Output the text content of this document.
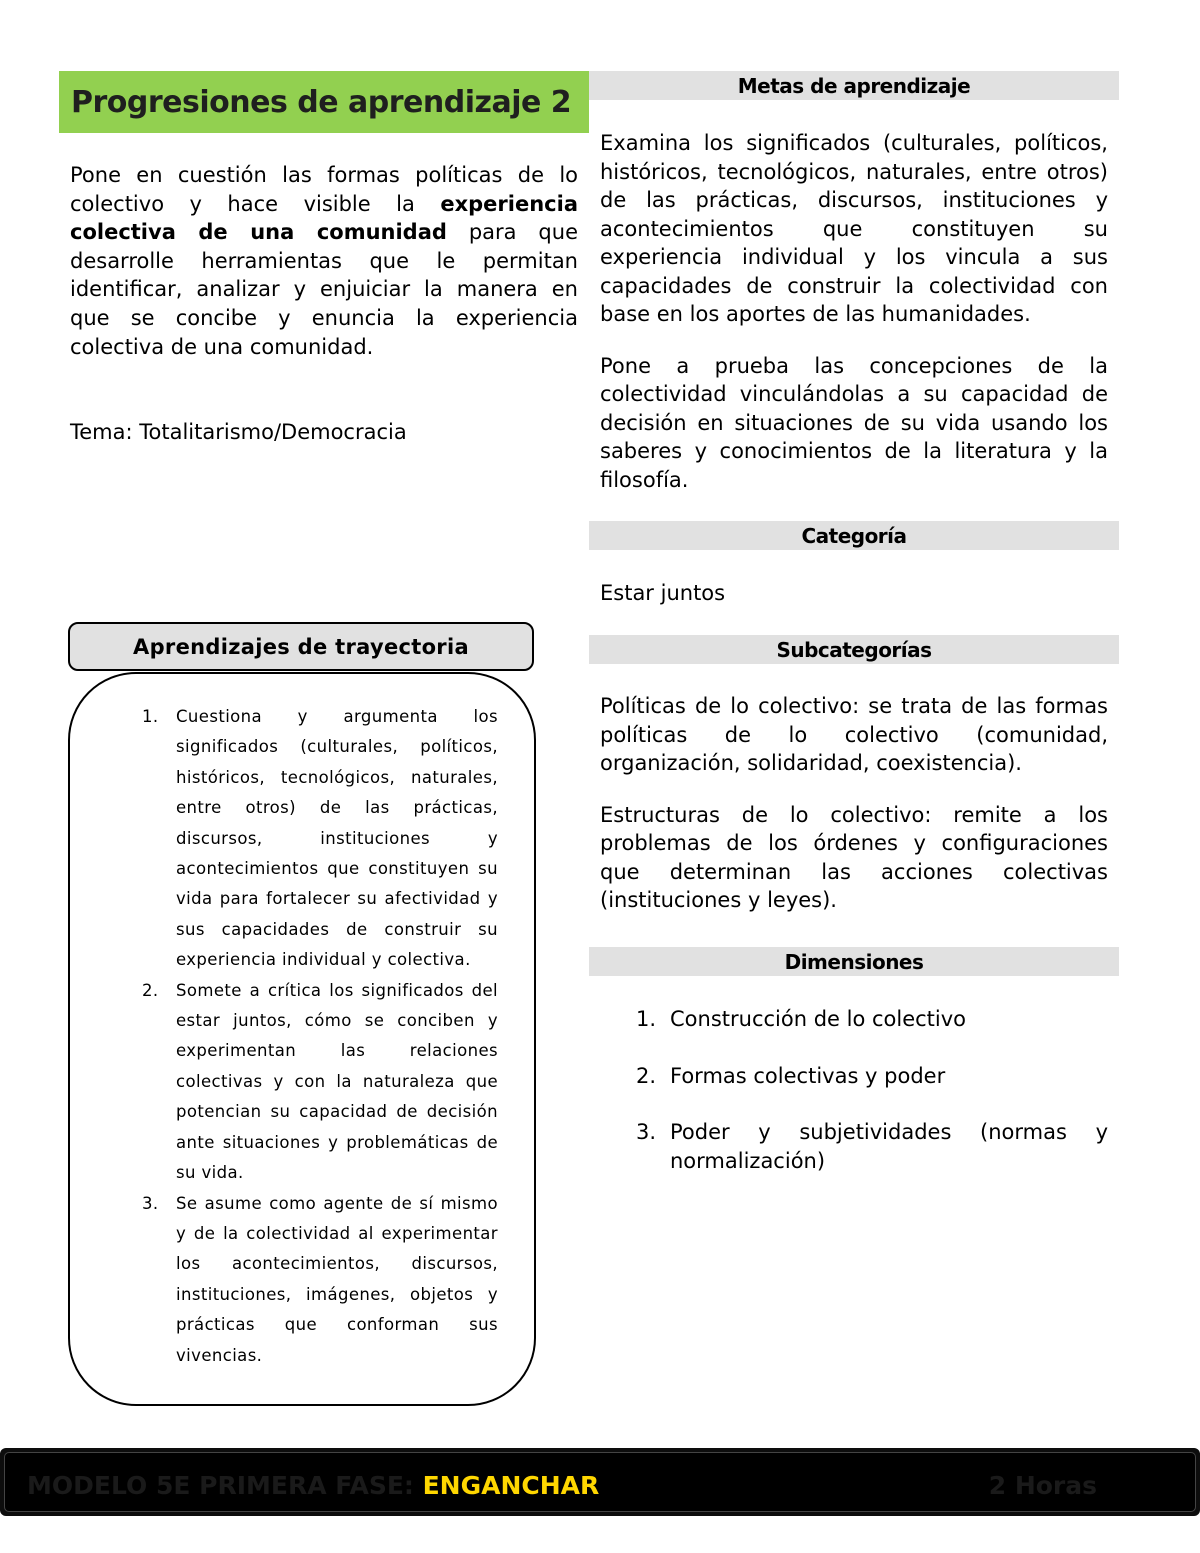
Progresiones de aprendizaje 2
Pone en cuestión las formas políticas de lo colectivo y hace visible la experiencia colectiva de una comunidad para que desarrolle herramientas que le permitan identificar, analizar y enjuiciar la manera en que se concibe y enuncia la experiencia colectiva de una comunidad.
Tema: Totalitarismo/Democracia
Aprendizajes de trayectoria
1. Cuestiona y argumenta los significados (culturales, políticos, históricos, tecnológicos, naturales, entre otros) de las prácticas, discursos, instituciones y acontecimientos que constituyen su vida para fortalecer su afectividad y sus capacidades de construir su experiencia individual y colectiva.
2. Somete a crítica los significados del estar juntos, cómo se conciben y experimentan las relaciones colectivas y con la naturaleza que potencian su capacidad de decisión ante situaciones y problemáticas de su vida.
3. Se asume como agente de sí mismo y de la colectividad al experimentar los acontecimientos, discursos, instituciones, imágenes, objetos y prácticas que conforman sus vivencias.
Metas de aprendizaje

Examina los significados (culturales, políticos, históricos, tecnológicos, naturales, entre otros) de las prácticas, discursos, instituciones y acontecimientos que constituyen su experiencia individual y los vincula a sus capacidades de construir la colectividad con base en los aportes de las humanidades.

Pone a prueba las concepciones de la colectividad vinculándolas a su capacidad de decisión en situaciones de su vida usando los saberes y conocimientos de la literatura y la filosofía.

Categoría
Estar juntos
Subcategorías

Políticas de lo colectivo: se trata de las formas políticas de lo colectivo (comunidad, organización, solidaridad, coexistencia).

Estructuras de lo colectivo: remite a los problemas de los órdenes y configuraciones que determinan las acciones colectivas (instituciones y leyes).

Dimensiones
1. Construcción de lo colectivo
2. Formas colectivas y poder
3. Poder y subjetividades (normas y normalización)
MODELO 5E PRIMERA FASE: ENGANCHAR	2 Horas
